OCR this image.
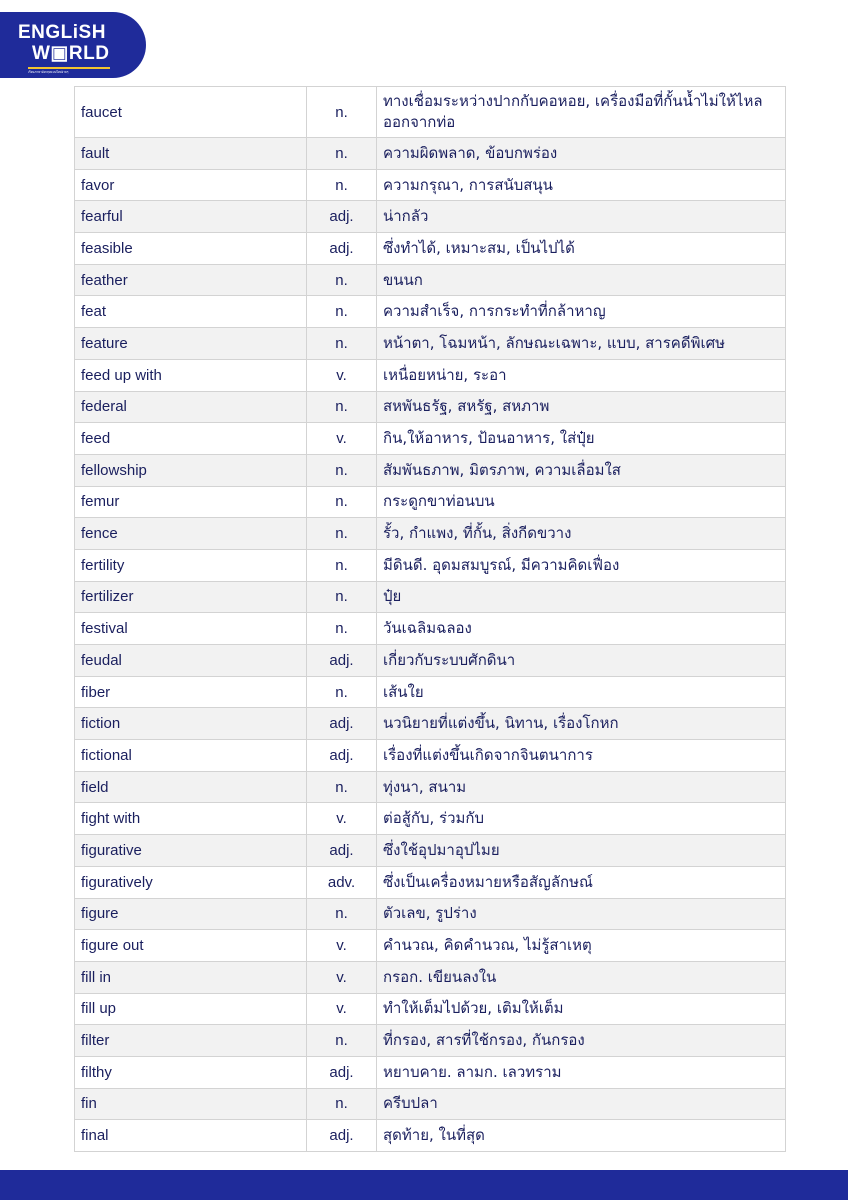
ENGLiSH
W▣RLD
เรียนภาษาอังกฤษแบบใหม่ง่ายๆ
faucet	n.	ทางเชื่อมระหว่างปากกับคอหอย, เครื่องมือที่กั้นน้ำไม่ให้ไหลออกจากท่อ
fault	n.	ความผิดพลาด, ข้อบกพร่อง
favor	n.	ความกรุณา, การสนับสนุน
fearful	adj.	น่ากลัว
feasible	adj.	ซึ่งทำได้, เหมาะสม, เป็นไปได้
feather	n.	ขนนก
feat	n.	ความสำเร็จ, การกระทำที่กล้าหาญ
feature	n.	หน้าตา, โฉมหน้า, ลักษณะเฉพาะ, แบบ, สารคดีพิเศษ
feed up with	v.	เหนื่อยหน่าย, ระอา
federal	n.	สหพันธรัฐ, สหรัฐ, สหภาพ
feed	v.	กิน,ให้อาหาร, ป้อนอาหาร, ใส่ปุ๋ย
fellowship	n.	สัมพันธภาพ, มิตรภาพ, ความเลื่อมใส
femur	n.	กระดูกขาท่อนบน
fence	n.	รั้ว, กำแพง, ที่กั้น, สิ่งกีดขวาง
fertility	n.	มีดินดี. อุดมสมบูรณ์, มีความคิดเฟื่อง
fertilizer	n.	ปุ๋ย
festival	n.	วันเฉลิมฉลอง
feudal	adj.	เกี่ยวกับระบบศักดินา
fiber	n.	เส้นใย
fiction	adj.	นวนิยายที่แต่งขึ้น, นิทาน, เรื่องโกหก
fictional	adj.	เรื่องที่แต่งขึ้นเกิดจากจินตนาการ
field	n.	ทุ่งนา, สนาม
fight with	v.	ต่อสู้กับ, ร่วมกับ
figurative	adj.	ซึ่งใช้อุปมาอุปไมย
figuratively	adv.	ซึ่งเป็นเครื่องหมายหรือสัญลักษณ์
figure	n.	ตัวเลข, รูปร่าง
figure out	v.	คำนวณ, คิดคำนวณ, ไม่รู้สาเหตุ
fill in	v.	กรอก. เขียนลงใน
fill up	v.	ทำให้เต็มไปด้วย, เติมให้เต็ม
filter	n.	ที่กรอง, สารที่ใช้กรอง, กันกรอง
filthy	adj.	หยาบคาย. ลามก. เลวทราม
fin	n.	ครีบปลา
final	adj.	สุดท้าย, ในที่สุด
